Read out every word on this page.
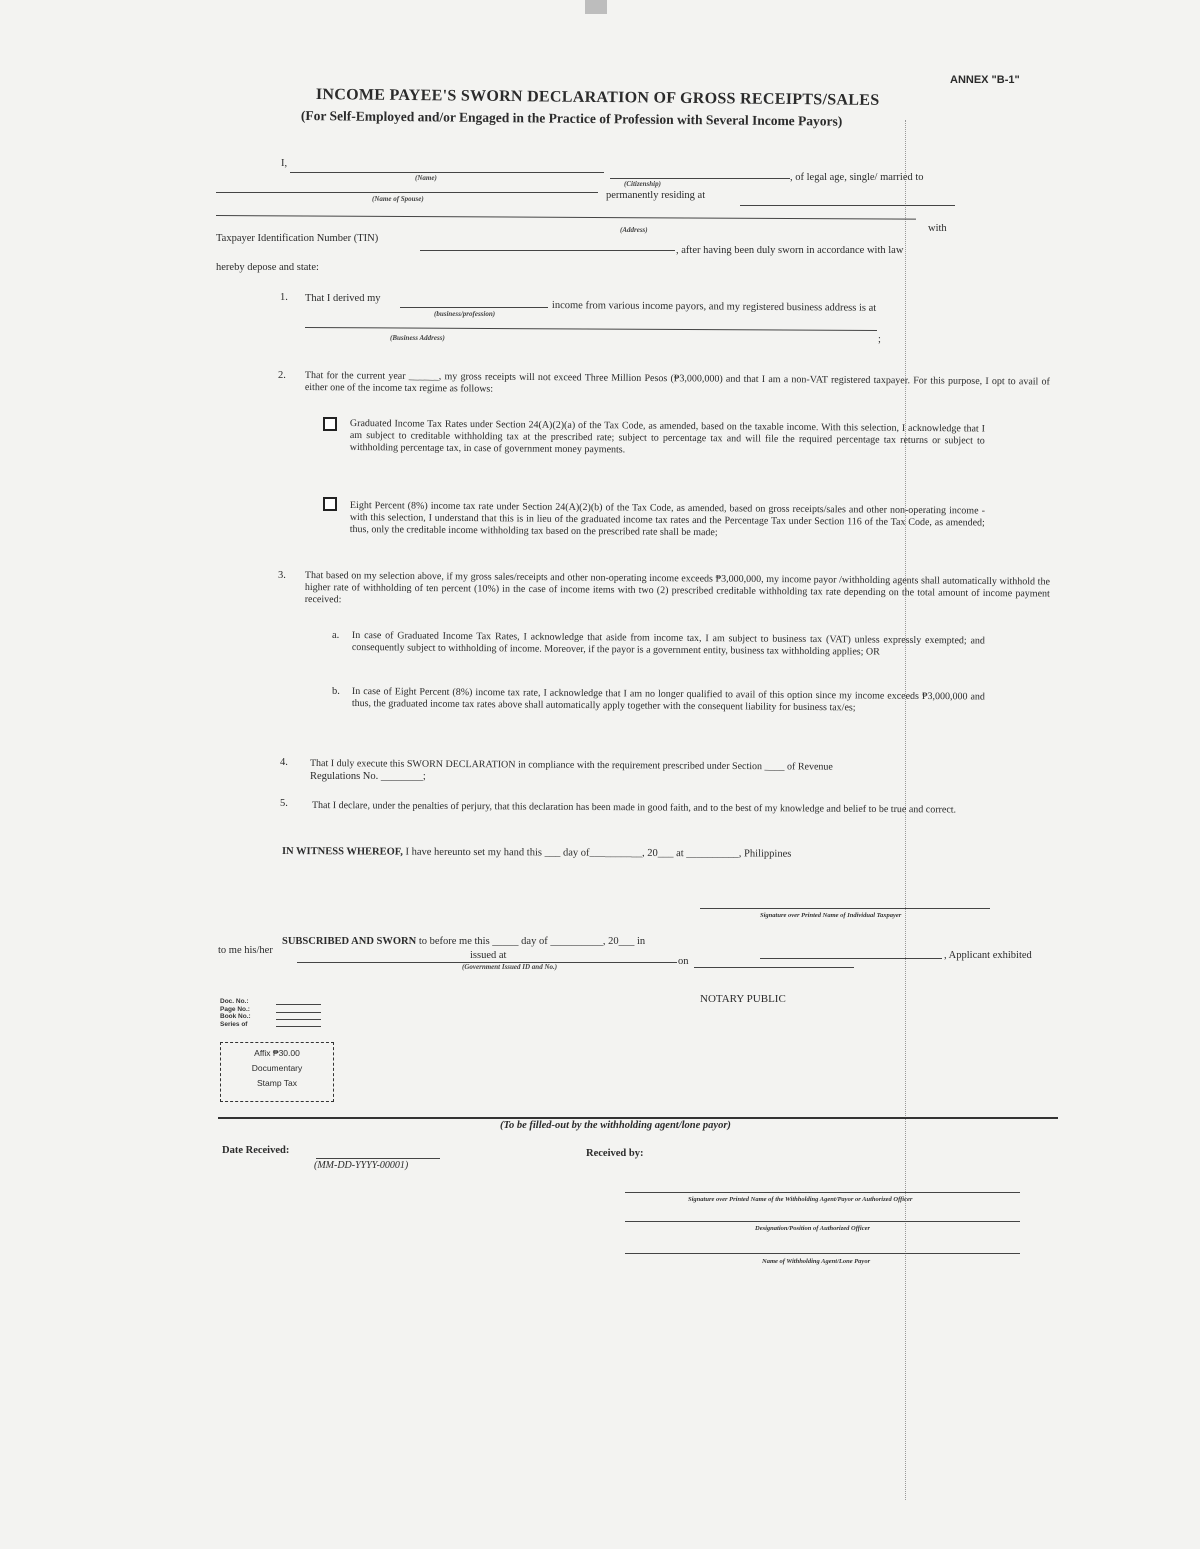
ANNEX "B-1"
INCOME PAYEE'S SWORN DECLARATION OF GROSS RECEIPTS/SALES
(For Self-Employed and/or Engaged in the Practice of Profession with Several Income Payors)
I,
(Name)
(Citizenship)
, of legal age, single/ married to
(Name of Spouse)	permanently residing at
(Address)	with
Taxpayer Identification Number (TIN)
, after having been duly sworn in accordance with law
hereby depose and state:
1. That I derived my
(business/profession)
income from various income payors, and my registered business address is at
(Business Address)	;
2. That for the current year ______, my gross receipts will not exceed Three Million Pesos (₱3,000,000) and that I am a non-VAT registered taxpayer. For this purpose, I opt to avail of either one of the income tax regime as follows:
Graduated Income Tax Rates under Section 24(A)(2)(a) of the Tax Code, as amended, based on the taxable income. With this selection, I acknowledge that I am subject to creditable withholding tax at the prescribed rate; subject to percentage tax and will file the required percentage tax returns or subject to withholding percentage tax, in case of government money payments.
Eight Percent (8%) income tax rate under Section 24(A)(2)(b) of the Tax Code, as amended, based on gross receipts/sales and other non-operating income - with this selection, I understand that this is in lieu of the graduated income tax rates and the Percentage Tax under Section 116 of the Tax Code, as amended; thus, only the creditable income withholding tax based on the prescribed rate shall be made;
3. That based on my selection above, if my gross sales/receipts and other non-operating income exceeds ₱3,000,000, my income payor /withholding agents shall automatically withhold the higher rate of withholding of ten percent (10%) in the case of income items with two (2) prescribed creditable withholding tax rate depending on the total amount of income payment received:
a. In case of Graduated Income Tax Rates, I acknowledge that aside from income tax, I am subject to business tax (VAT) unless expressly exempted; and consequently subject to withholding of income. Moreover, if the payor is a government entity, business tax withholding applies; OR
b. In case of Eight Percent (8%) income tax rate, I acknowledge that I am no longer qualified to avail of this option since my income exceeds ₱3,000,000 and thus, the graduated income tax rates above shall automatically apply together with the consequent liability for business tax/es;
4. That I duly execute this SWORN DECLARATION in compliance with the requirement prescribed under Section ____ of Revenue
Regulations No. ________;
5. That I declare, under the penalties of perjury, that this declaration has been made in good faith, and to the best of my knowledge and belief to be true and correct.
IN WITNESS WHEREOF, I have hereunto set my hand this ___ day of__________, 20___ at __________, Philippines
Signature over Printed Name of Individual Taxpayer
SUBSCRIBED AND SWORN to before me this _____ day of __________, 20___ in
, Applicant exhibited
to me his/her	issued at
(Government Issued ID and No.)	on
NOTARY PUBLIC
Doc. No.:
Page No.:
Book No.:
Series of
Affix ₱30.00
Documentary
Stamp Tax
(To be filled-out by the withholding agent/lone payor)
Date Received:
(MM-DD-YYYY-00001)
Received by:
Signature over Printed Name of the Withholding Agent/Payor or Authorized Officer
Designation/Position of Authorized Officer
Name of Withholding Agent/Lone Payor
